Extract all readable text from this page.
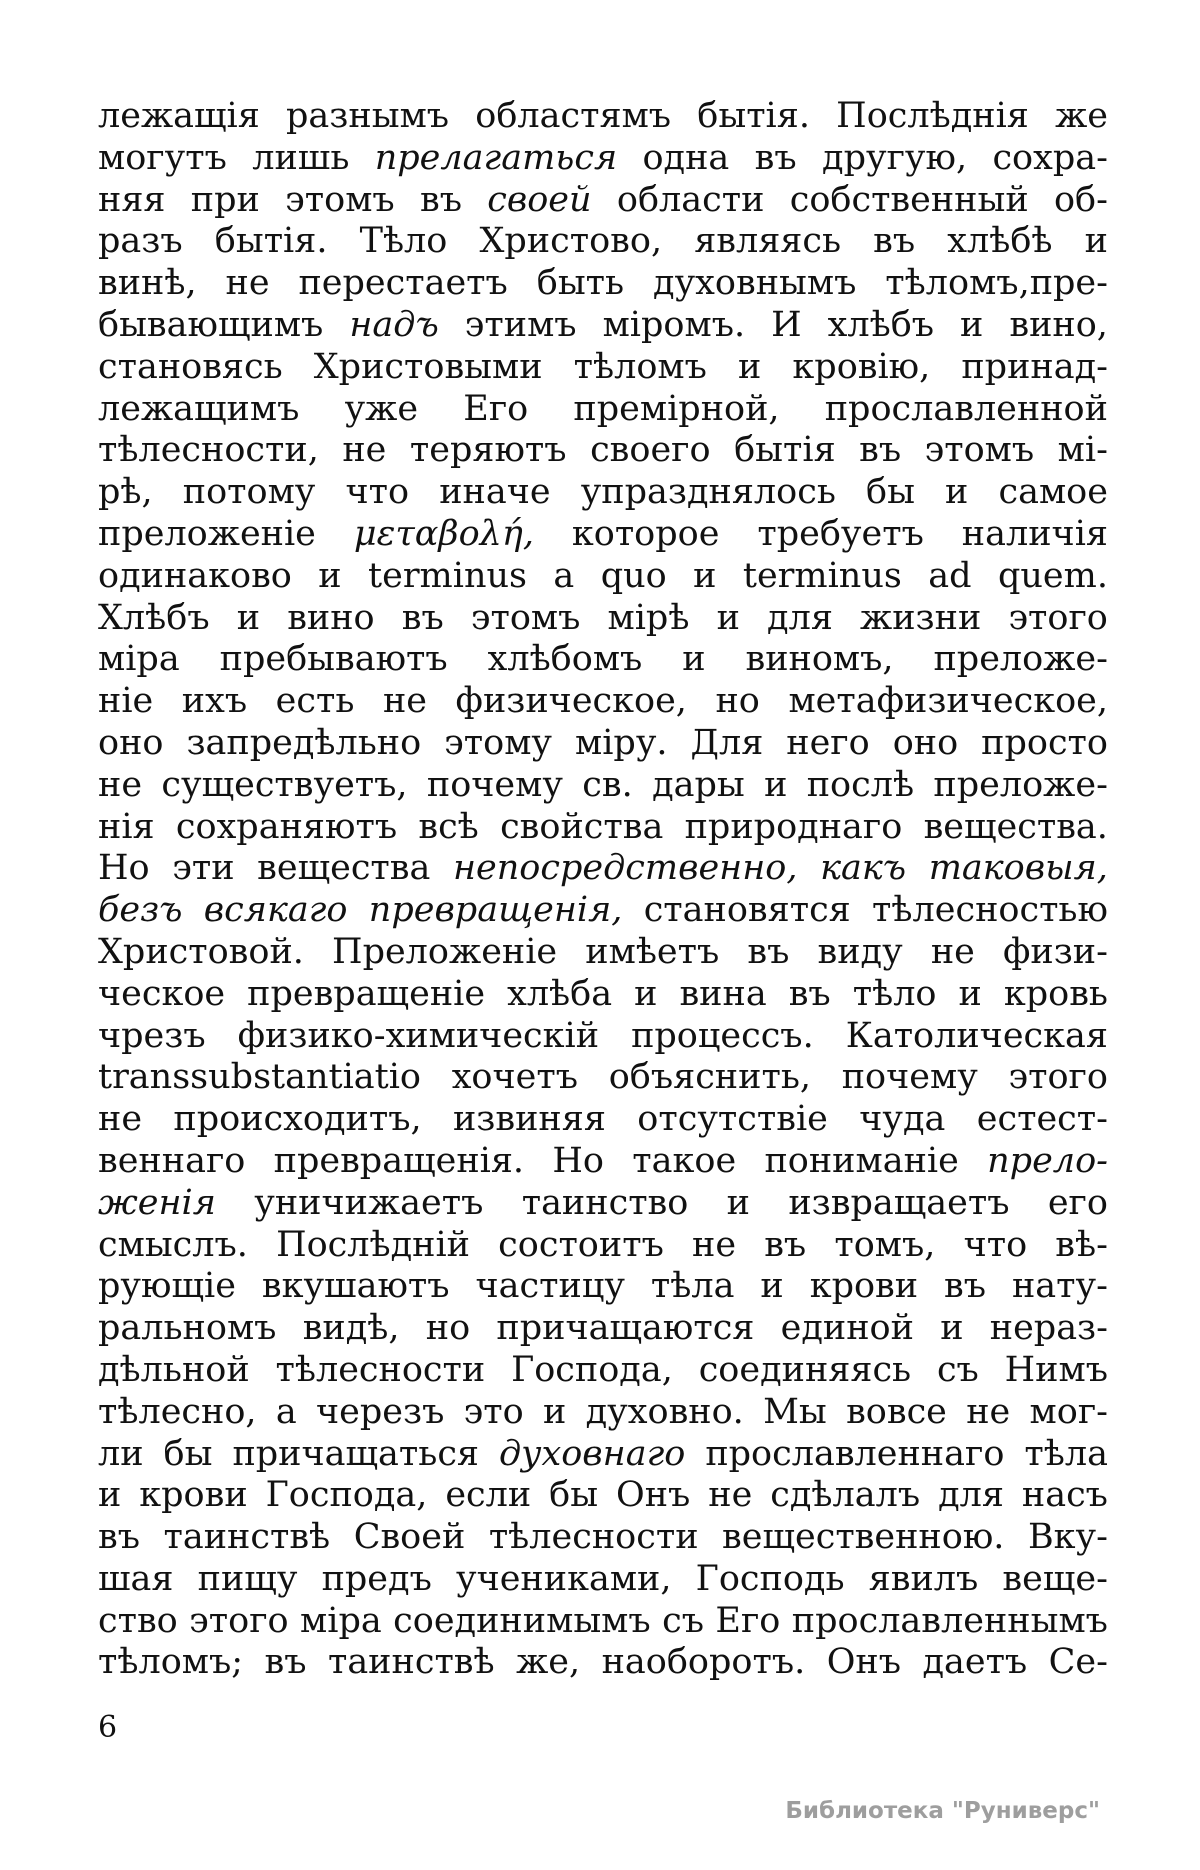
лежащія разнымъ областямъ бытія. Послѣднія же
могутъ лишь прелагаться одна въ другую, сохра-
няя при этомъ въ своей области собственный об-
разъ бытія. Тѣло Христово, являясь въ хлѣбѣ и
винѣ, не перестаетъ быть духовнымъ тѣломъ,пре-
бывающимъ надъ этимъ міромъ. И хлѣбъ и вино,
становясь Христовыми тѣломъ и кровію, принад-
лежащимъ уже Его премірной, прославленной
тѣлесности, не теряютъ своего бытія въ этомъ мі-
рѣ, потому что иначе упразднялось бы и самое
преложеніе μεταβολή, которое требуетъ наличія
одинаково и terminus a quo и terminus ad quem.
Хлѣбъ и вино въ этомъ мірѣ и для жизни этого
міра пребываютъ хлѣбомъ и виномъ, преложе-
ніе ихъ есть не физическое, но метафизическое,
оно запредѣльно этому міру. Для него оно просто
не существуетъ, почему св. дары и послѣ преложе-
нія сохраняютъ всѣ свойства природнаго вещества.
Но эти вещества непосредственно, какъ таковыя,
безъ всякаго превращенія, становятся тѣлесностью
Христовой. Преложеніе имѣетъ въ виду не физи-
ческое превращеніе хлѣба и вина въ тѣло и кровь
чрезъ физико-химическій процессъ. Католическая
transsubstantiatio хочетъ объяснить, почему этого
не происходитъ, извиняя отсутствіе чуда естест-
веннаго превращенія. Но такое пониманіе прело-
женія уничижаетъ таинство и извращаетъ его
смыслъ. Послѣдній состоитъ не въ томъ, что вѣ-
рующіе вкушаютъ частицу тѣла и крови въ нату-
ральномъ видѣ, но причащаются единой и нераз-
дѣльной тѣлесности Господа, соединяясь съ Нимъ
тѣлесно, а черезъ это и духовно. Мы вовсе не мог-
ли бы причащаться духовнаго прославленнаго тѣла
и крови Господа, если бы Онъ не сдѣлалъ для насъ
въ таинствѣ Своей тѣлесности вещественною. Вку-
шая пищу предъ учениками, Господь явилъ веще-
ство этого міра соединимымъ съ Его прославленнымъ
тѣломъ; въ таинствѣ же, наоборотъ. Онъ даетъ Се-
6
Библиотека "Руниверс"
